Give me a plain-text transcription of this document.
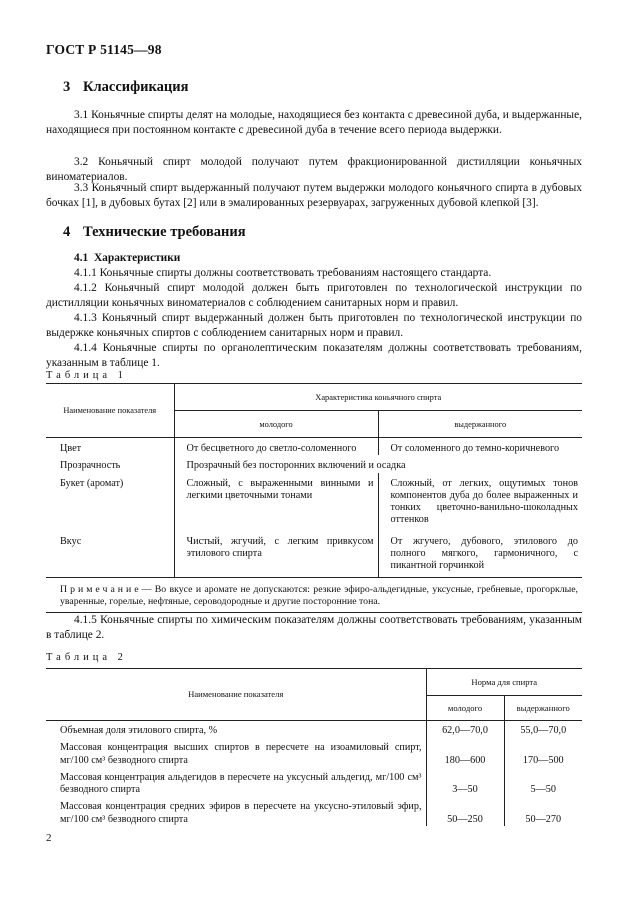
ГОСТ Р 51145—98
3 Классификация
3.1 Коньячные спирты делят на молодые, находящиеся без контакта с древесиной дуба, и выдержанные, находящиеся при постоянном контакте с древесиной дуба в течение всего периода выдержки.
3.2 Коньячный спирт молодой получают путем фракционированной дистилляции коньячных виноматериалов.
3.3 Коньячный спирт выдержанный получают путем выдержки молодого коньячного спирта в дубовых бочках [1], в дубовых бутах [2] или в эмалированных резервуарах, загруженных дубовой клепкой [3].
4 Технические требования
4.1 Характеристики
4.1.1 Коньячные спирты должны соответствовать требованиям настоящего стандарта.
4.1.2 Коньячный спирт молодой должен быть приготовлен по технологической инструкции по дистилляции коньячных виноматериалов с соблюдением санитарных норм и правил.
4.1.3 Коньячный спирт выдержанный должен быть приготовлен по технологической инструкции по выдержке коньячных спиртов с соблюдением санитарных норм и правил.
4.1.4 Коньячные спирты по органолептическим показателям должны соответствовать требованиям, указанным в таблице 1.
Таблица 1
Наименование показателя	Характеристика коньячного спирта	
	молодого	выдержанного
Цвет	От бесцветного до светло-соломенного	От соломенного до темно-коричневого
Прозрачность	Прозрачный без посторонних включений и осадка	
Букет (аромат)	Сложный, с выраженными винными и легкими цветочными тонами	Сложный, от легких, ощутимых тонов компонентов дуба до более выраженных и тонких цветочно-ванильно-шоколадных оттенков
Вкус	Чистый, жгучий, с легким привкусом этилового спирта	От жгучего, дубового, этилового до полного мягкого, гармоничного, с пикантной горчинкой
Примечание— Во вкусе и аромате не допускаются: резкие эфиро-альдегидные, уксусные, гребневые, прогорклые, уваренные, горелые, нефтяные, сероводородные и другие посторонние тона.		
4.1.5 Коньячные спирты по химическим показателям должны соответствовать требованиям, указанным в таблице 2.
Таблица 2
Наименование показателя	Норма для спирта	
	молодого	выдержанного
Объемная доля этилового спирта, %	62,0—70,0	55,0—70,0
Массовая концентрация высших спиртов в пересчете на изоамиловый спирт, мг/100 см³ безводного спирта	180—600	170—500
Массовая концентрация альдегидов в пересчете на уксусный альдегид, мг/100 см³ безводного спирта	3—50	5—50
Массовая концентрация средних эфиров в пересчете на уксусно-этиловый эфир, мг/100 см³ безводного спирта	50—250	50—270
2
